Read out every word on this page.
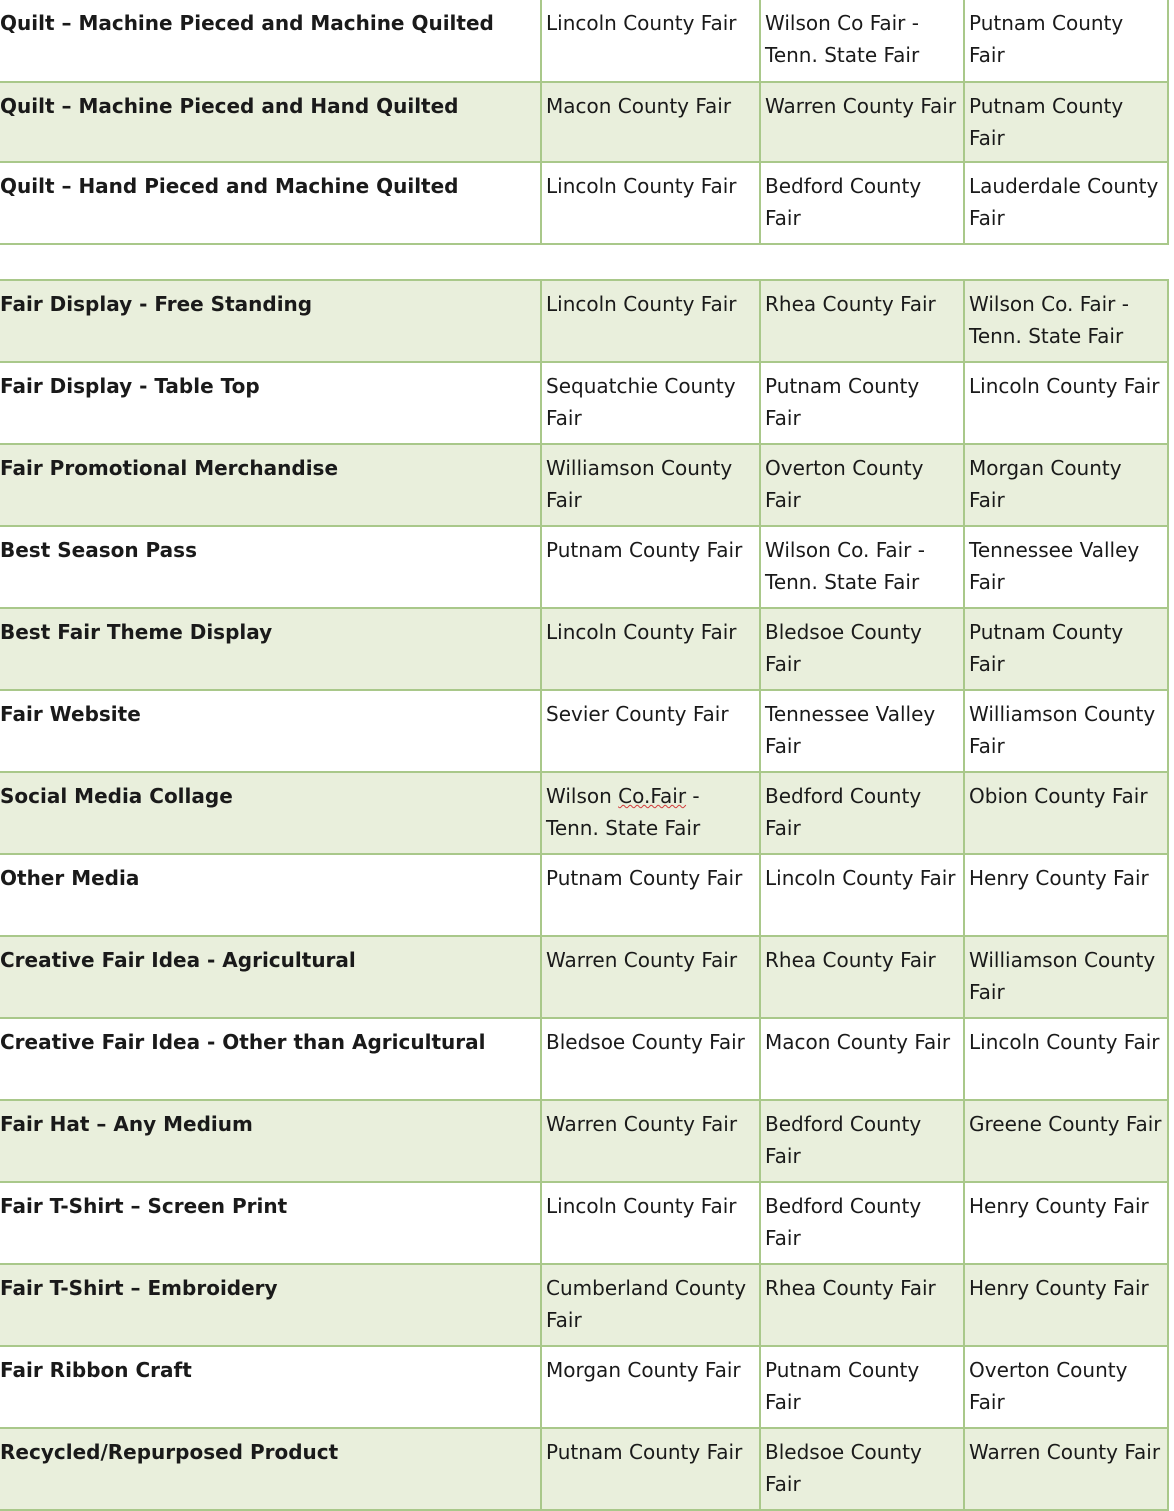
Quilt – Machine Pieced and Machine Quilted	Lincoln County Fair	Wilson Co Fair - Tenn. State Fair	Putnam County Fair
Quilt – Machine Pieced and Hand Quilted	Macon County Fair	Warren County Fair	Putnam County Fair
Quilt – Hand Pieced and Machine Quilted	Lincoln County Fair	Bedford County Fair	Lauderdale County Fair
Fair Display - Free Standing	Lincoln County Fair	Rhea County Fair	Wilson Co. Fair - Tenn. State Fair
Fair Display - Table Top	Sequatchie County Fair	Putnam County Fair	Lincoln County Fair
Fair Promotional Merchandise	Williamson County Fair	Overton County Fair	Morgan County Fair
Best Season Pass	Putnam County Fair	Wilson Co. Fair - Tenn. State Fair	Tennessee Valley Fair
Best Fair Theme Display	Lincoln County Fair	Bledsoe County Fair	Putnam County Fair
Fair Website	Sevier County Fair	Tennessee Valley Fair	Williamson County Fair
Social Media Collage	Wilson Co.Fair - Tenn. State Fair	Bedford County Fair	Obion County Fair
Other Media	Putnam County Fair	Lincoln County Fair	Henry County Fair
Creative Fair Idea - Agricultural	Warren County Fair	Rhea County Fair	Williamson County Fair
Creative Fair Idea - Other than Agricultural	Bledsoe County Fair	Macon County Fair	Lincoln County Fair
Fair Hat – Any Medium	Warren County Fair	Bedford County Fair	Greene County Fair
Fair T-Shirt – Screen Print	Lincoln County Fair	Bedford County Fair	Henry County Fair
Fair T-Shirt – Embroidery	Cumberland County Fair	Rhea County Fair	Henry County Fair
Fair Ribbon Craft	Morgan County Fair	Putnam County Fair	Overton County Fair
Recycled/Repurposed Product	Putnam County Fair	Bledsoe County Fair	Warren County Fair
